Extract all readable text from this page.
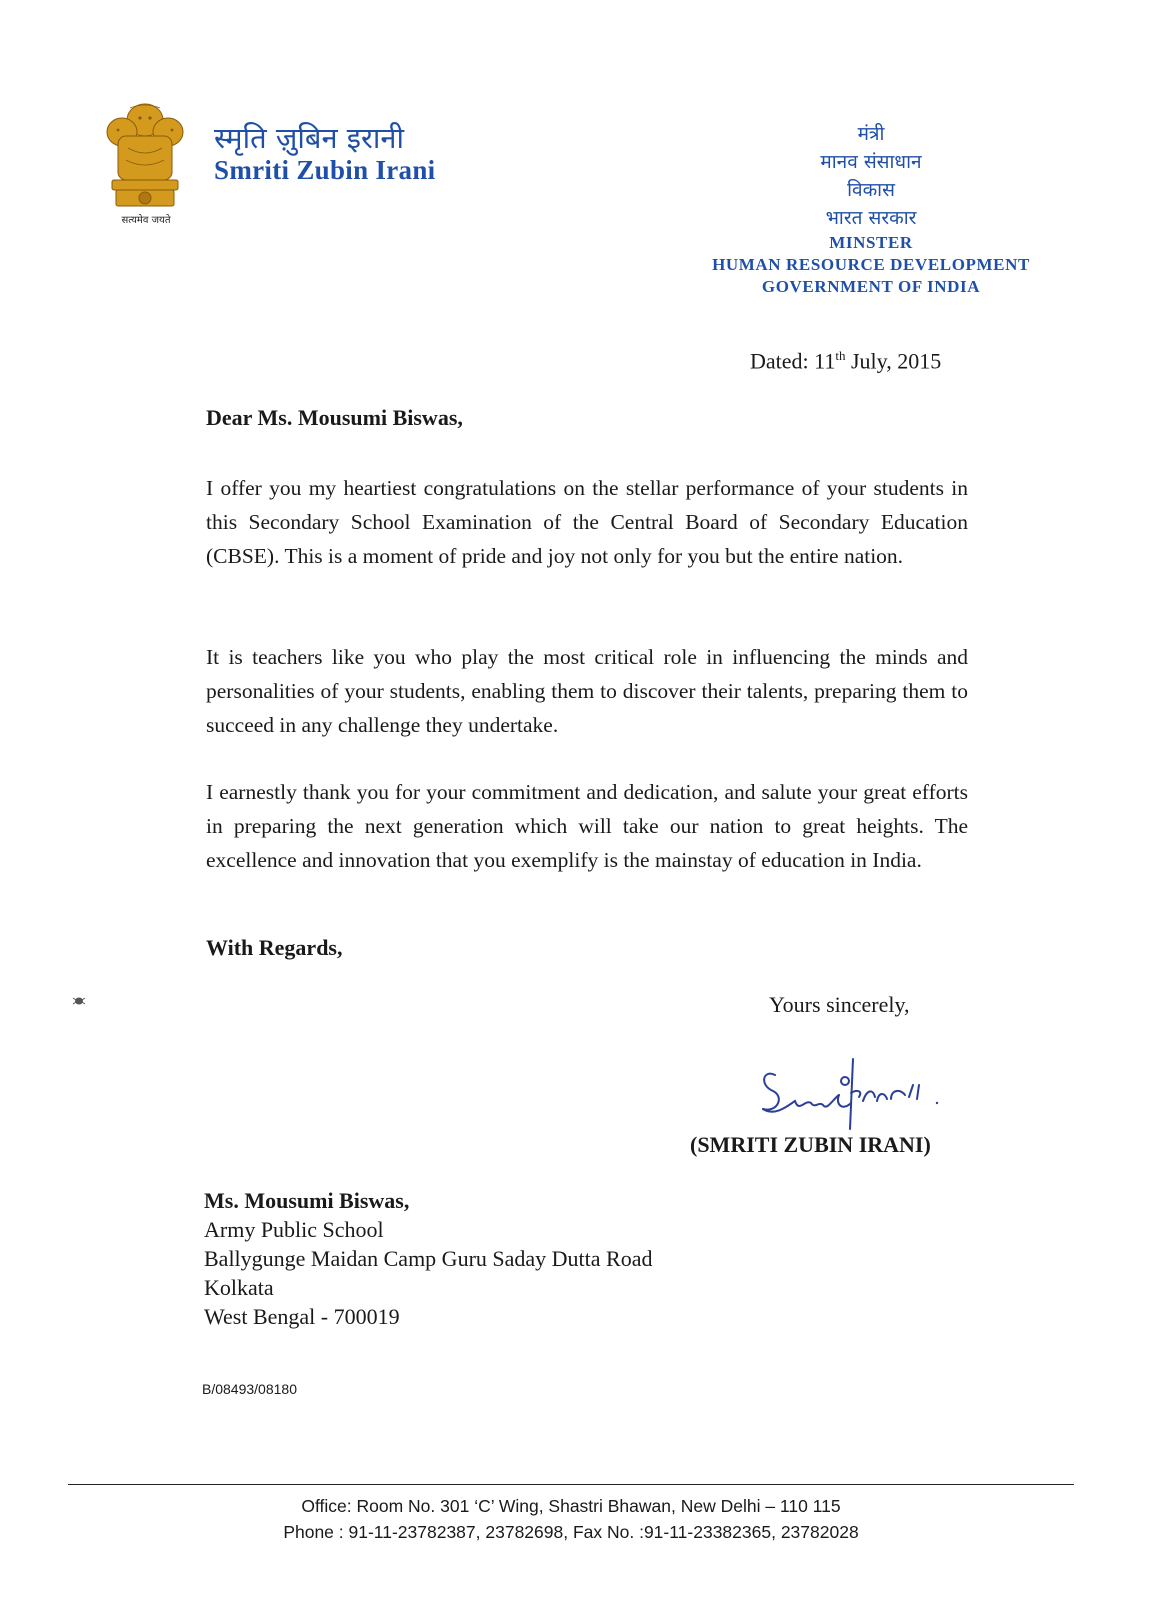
सत्यमेव जयते
स्मृति ज़ुबिन इरानी
Smriti Zubin Irani
मंत्री
मानव संसाधान
विकास
भारत सरकार
MINSTER
HUMAN RESOURCE DEVELOPMENT
GOVERNMENT OF INDIA
Dated: 11th July, 2015
Dear Ms. Mousumi Biswas,
I offer you my heartiest congratulations on the stellar performance of your students in this Secondary School Examination of the Central Board of Secondary Education (CBSE). This is a moment of pride and joy not only for you but the entire nation.
It is teachers like you who play the most critical role in influencing the minds and personalities of your students, enabling them to discover their talents, preparing them to succeed in any challenge they undertake.
I earnestly thank you for your commitment and dedication, and salute your great efforts in preparing the next generation which will take our nation to great heights. The excellence and innovation that you exemplify is the mainstay of education in India.
With Regards,
Yours sincerely,
(SMRITI ZUBIN IRANI)
Ms. Mousumi Biswas,
Army Public School
Ballygunge Maidan Camp Guru Saday Dutta Road
Kolkata
West Bengal - 700019
B/08493/08180
Office: Room No. 301 ‘C’ Wing, Shastri Bhawan, New Delhi – 110 115
Phone : 91-11-23782387, 23782698, Fax No. :91-11-23382365, 23782028
